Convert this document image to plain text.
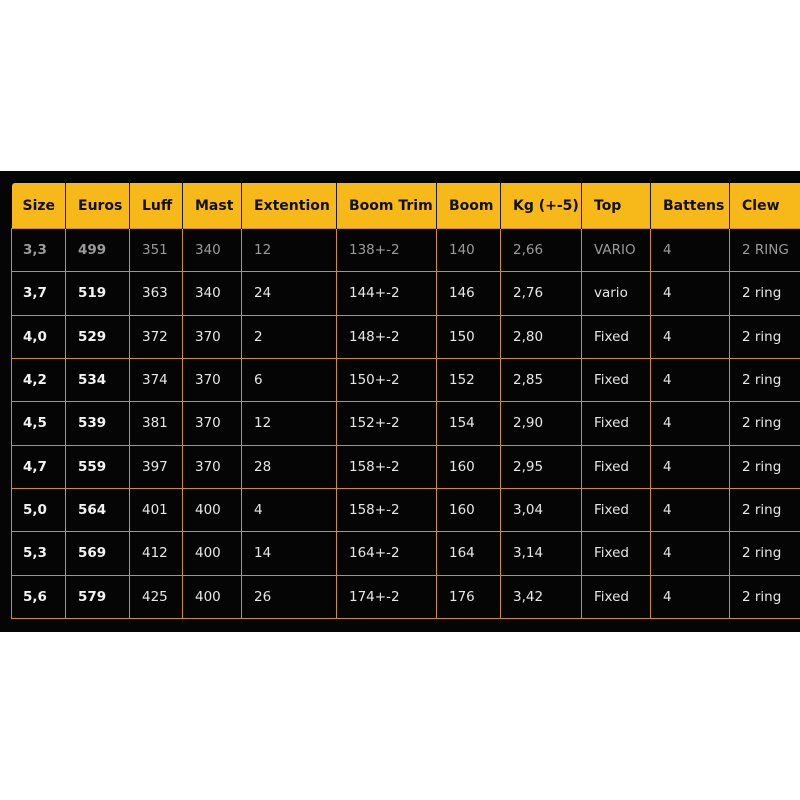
Size	Euros	Luff	Mast	Extention	Boom Trim	Boom	Kg (+-5)	Top	Battens	Clew
3,3	499	351	340	12	138+-2	140	2,66	VARIO	4	2 RING
3,7	519	363	340	24	144+-2	146	2,76	vario	4	2 ring
4,0	529	372	370	2	148+-2	150	2,80	Fixed	4	2 ring
4,2	534	374	370	6	150+-2	152	2,85	Fixed	4	2 ring
4,5	539	381	370	12	152+-2	154	2,90	Fixed	4	2 ring
4,7	559	397	370	28	158+-2	160	2,95	Fixed	4	2 ring
5,0	564	401	400	4	158+-2	160	3,04	Fixed	4	2 ring
5,3	569	412	400	14	164+-2	164	3,14	Fixed	4	2 ring
5,6	579	425	400	26	174+-2	176	3,42	Fixed	4	2 ring
